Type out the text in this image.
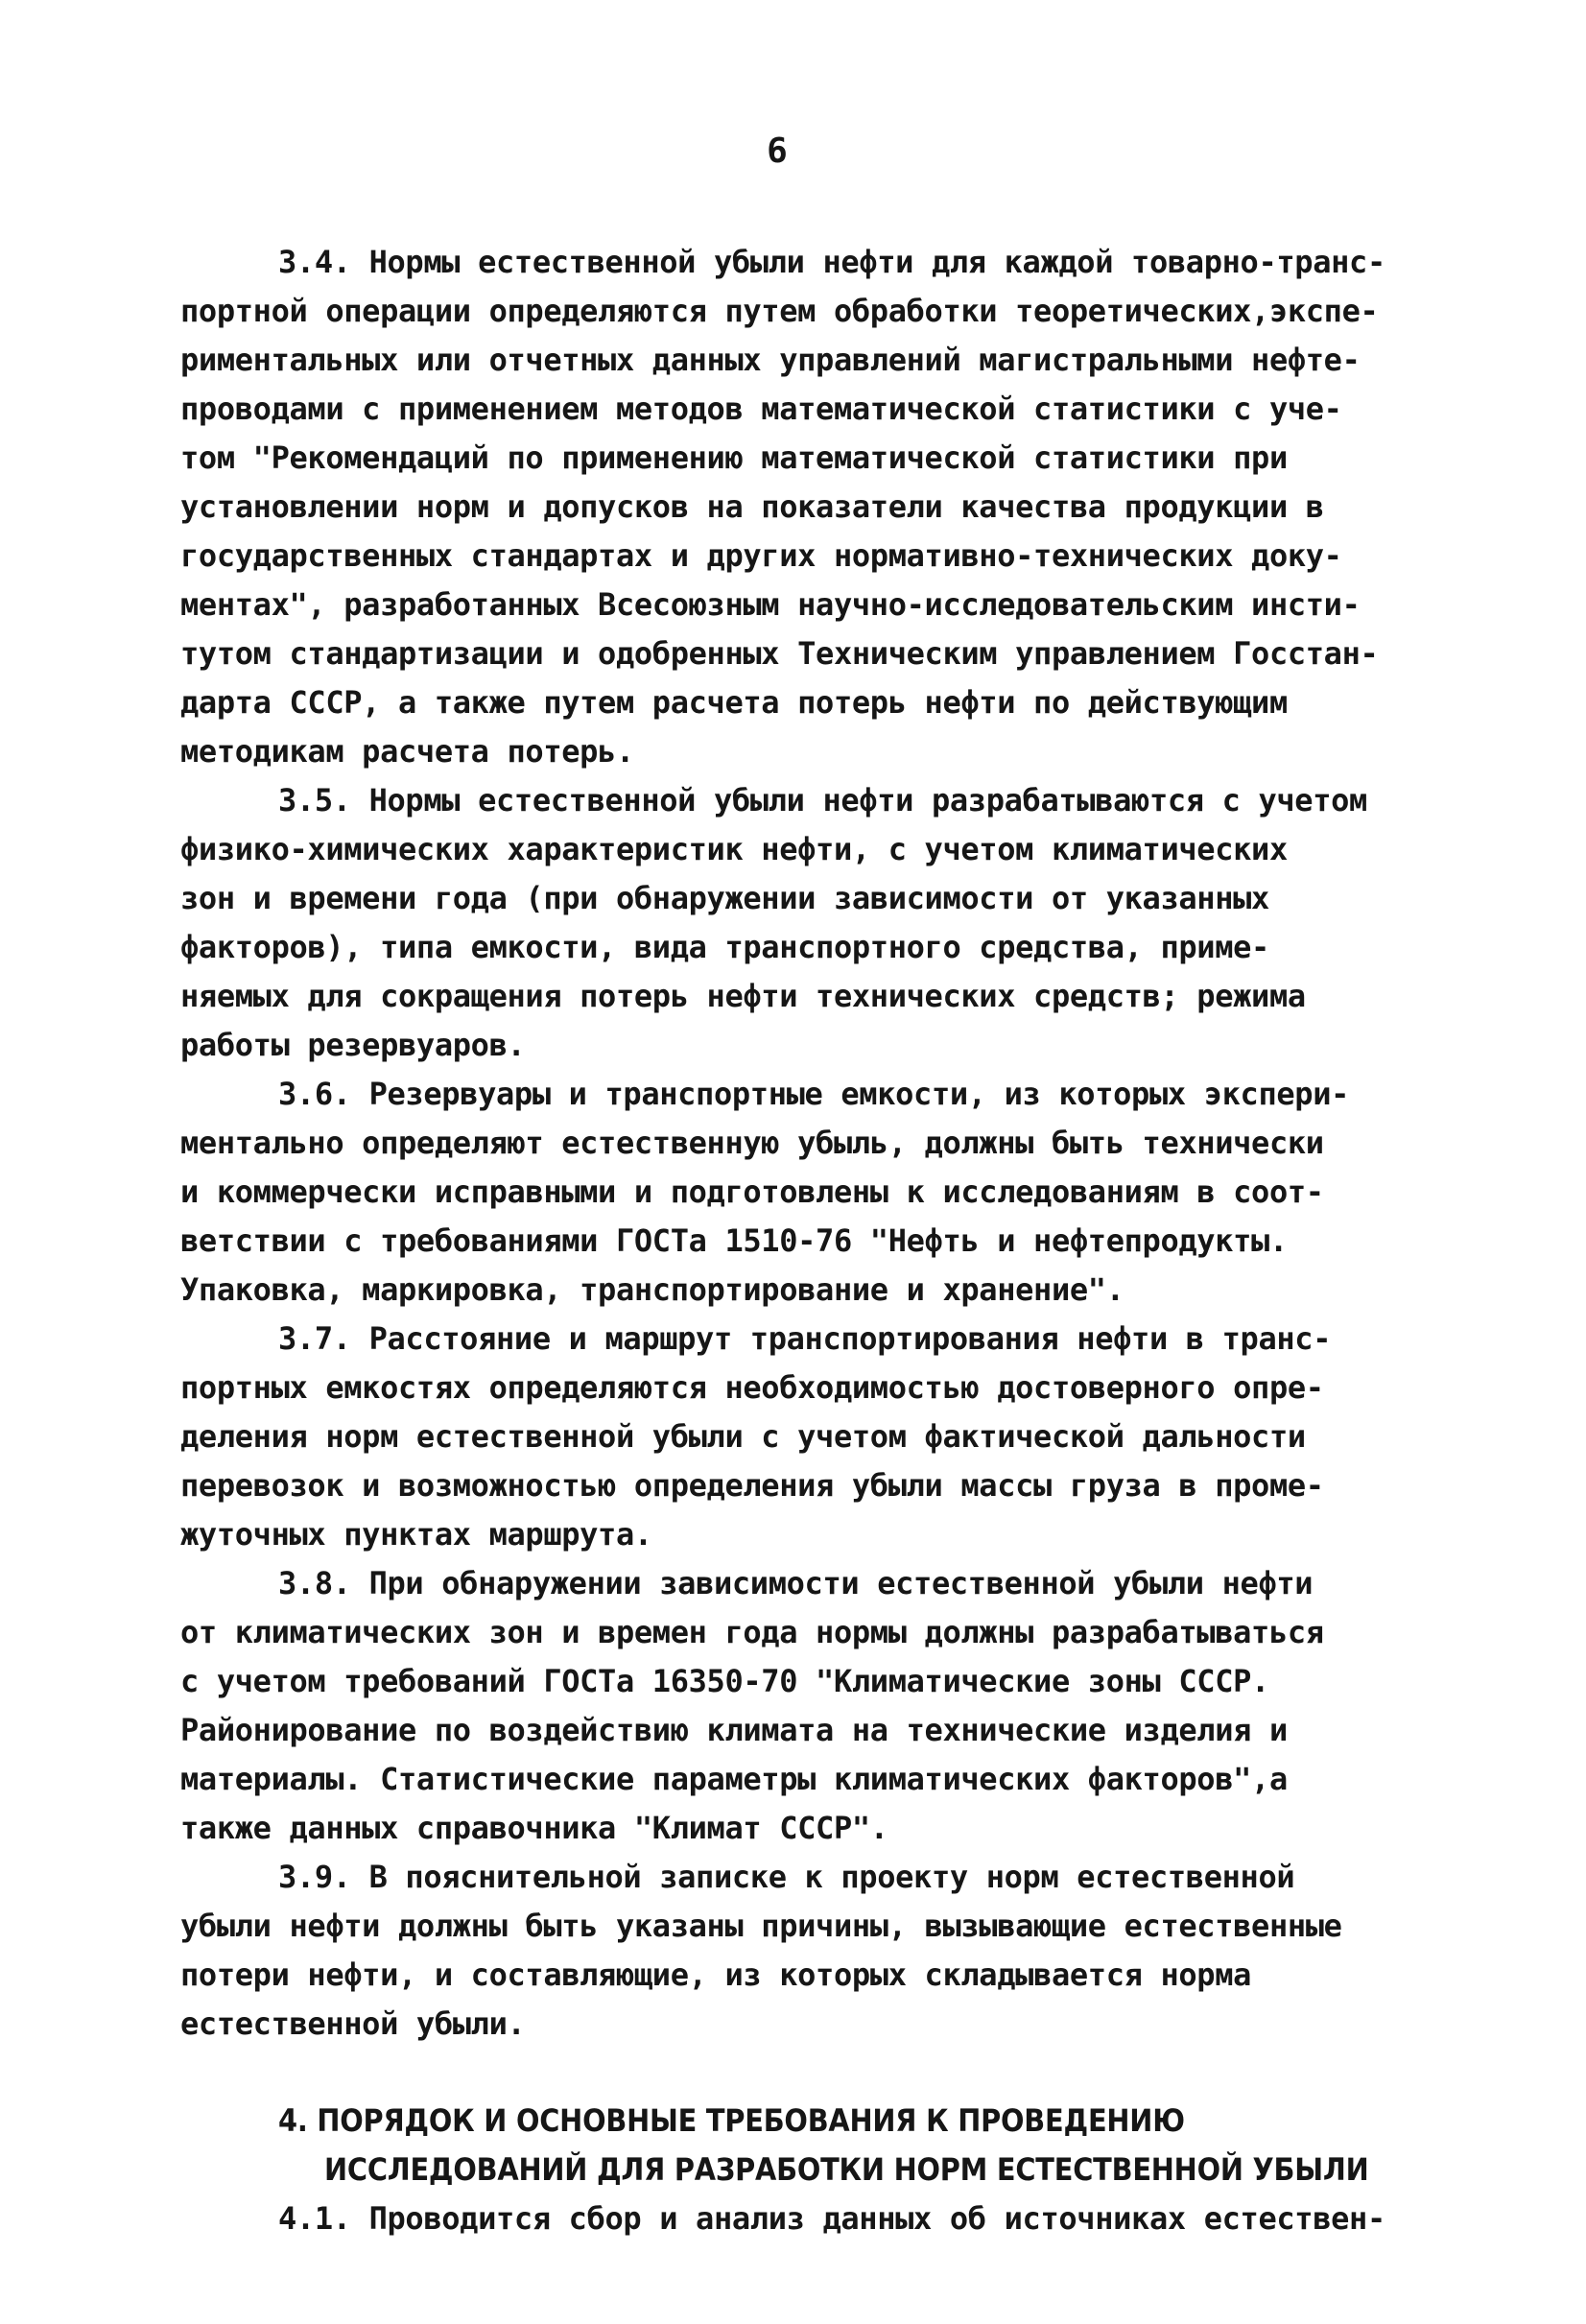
6
3.4. Нормы естественной убыли нефти для каждой товарно-транс-
портной операции определяются путем обработки теоретических,экспе-
риментальных или отчетных данных управлений магистральными нефте-
проводами с применением методов математической статистики с уче-
том "Рекомендаций по применению математической статистики при
установлении норм и допусков на показатели качества продукции в
государственных стандартах и других нормативно-технических доку-
ментах", разработанных Всесоюзным научно-исследовательским инсти-
тутом стандартизации и одобренных Техническим управлением Госстан-
дарта СССР, а также путем расчета потерь нефти по действующим
методикам расчета потерь.
3.5. Нормы естественной убыли нефти разрабатываются с учетом
физико-химических характеристик нефти, с учетом климатических
зон и времени года (при обнаружении зависимости от указанных
факторов), типа емкости, вида транспортного средства, приме-
няемых для сокращения потерь нефти технических средств; режима
работы резервуаров.
3.6. Резервуары и транспортные емкости, из которых экспери-
ментально определяют естественную убыль, должны быть технически
и коммерчески исправными и подготовлены к исследованиям в соот-
ветствии с требованиями ГОСТа 1510-76 "Нефть и нефтепродукты.
Упаковка, маркировка, транспортирование и хранение".
3.7. Расстояние и маршрут транспортирования нефти в транс-
портных емкостях определяются необходимостью достоверного опре-
деления норм естественной убыли с учетом фактической дальности
перевозок и возможностью определения убыли массы груза в проме-
жуточных пунктах маршрута.
3.8. При обнаружении зависимости естественной убыли нефти
от климатических зон и времен года нормы должны разрабатываться
с учетом требований ГОСТа 16350-70 "Климатические зоны СССР.
Районирование по воздействию климата на технические изделия и
материалы. Статистические параметры климатических факторов",а
также данных справочника "Климат СССР".
3.9. В пояснительной записке к проекту норм естественной
убыли нефти должны быть указаны причины, вызывающие естественные
потери нефти, и составляющие, из которых складывается норма
естественной убыли.
4. ПОРЯДОК И ОСНОВНЫЕ ТРЕБОВАНИЯ К ПРОВЕДЕНИЮ
ИССЛЕДОВАНИЙ ДЛЯ РАЗРАБОТКИ НОРМ ЕСТЕСТВЕННОЙ УБЫЛИ
4.1. Проводится сбор и анализ данных об источниках естествен-
